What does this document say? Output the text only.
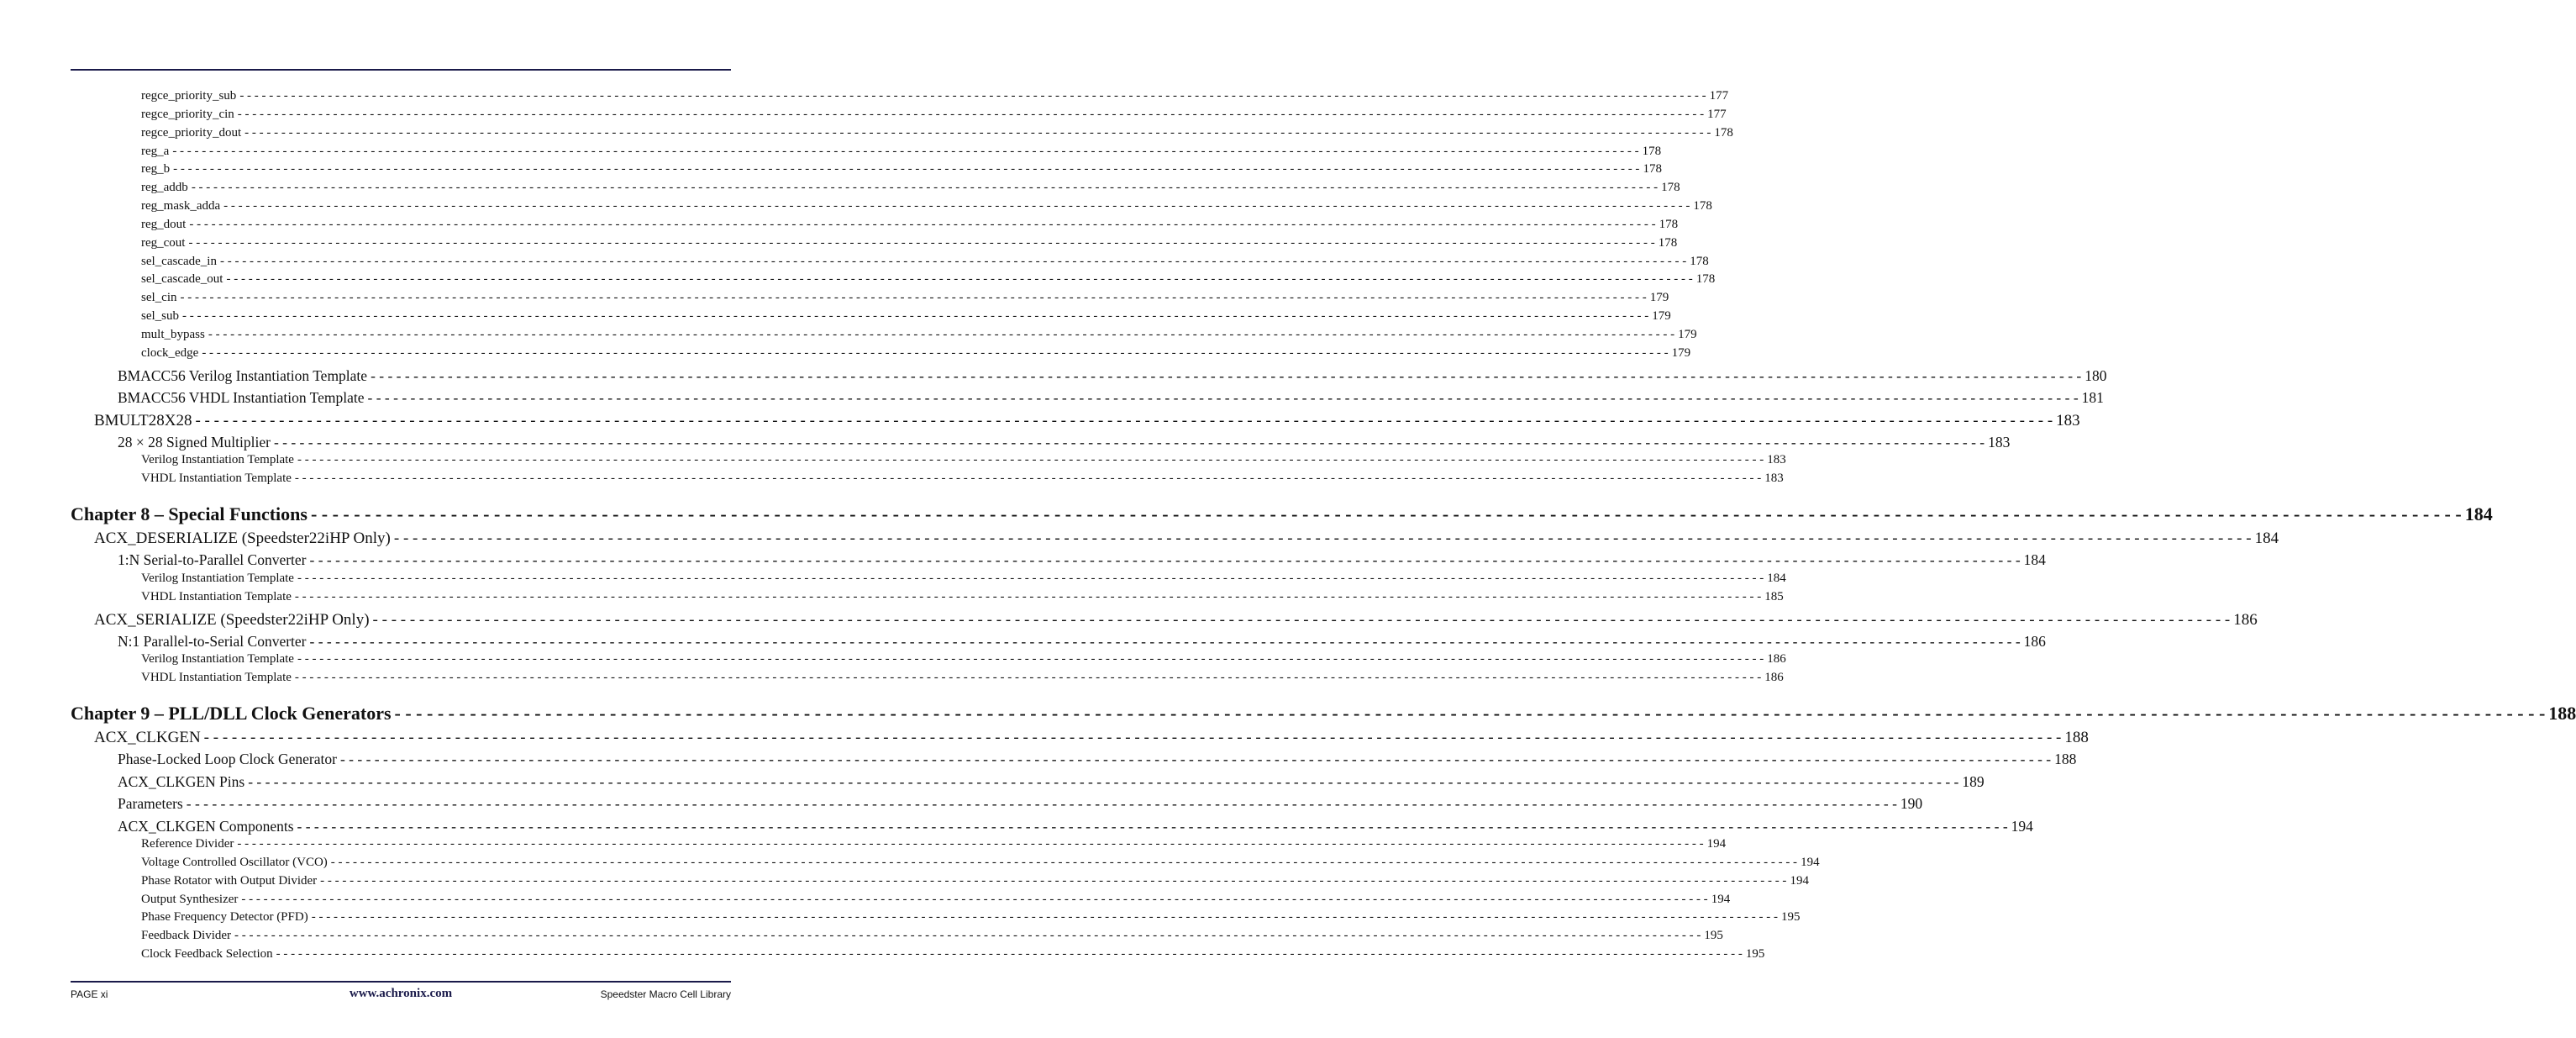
regce_priority_sub - - - - - - - - - - - - - - - - - - - - - - - - - - - - - - - - - - - - - - - - - - - - - - - - - - - - - - - - - - - - - - - - - - - - - - - - - - - - - - - - - - - - - - - - - - - - - - - - - - - - - - - - - - - - - - - - - - - - - - - - - - - - - - - - - - - - - - - - - - - - - - - - - - - - - - - - - - - - - - - - - - - - - - - - - - - - - - - - - - - - - - - - - - - - - - - - - - - - - - - - 177
regce_priority_cin - - - - - - - - - - - - - - - - - - - - - - - - - - - - - - - - - - - - - - - - - - - - - - - - - - - - - - - - - - - - - - - - - - - - - - - - - - - - - - - - - - - - - - - - - - - - - - - - - - - - - - - - - - - - - - - - - - - - - - - - - - - - - - - - - - - - - - - - - - - - - - - - - - - - - - - - - - - - - - - - - - - - - - - - - - - - - - - - - - - - - - - - - - - - - - - - - - - - - - - - 177
regce_priority_dout - - - - - - - - - - - - - - - - - - - - - - - - - - - - - - - - - - - - - - - - - - - - - - - - - - - - - - - - - - - - - - - - - - - - - - - - - - - - - - - - - - - - - - - - - - - - - - - - - - - - - - - - - - - - - - - - - - - - - - - - - - - - - - - - - - - - - - - - - - - - - - - - - - - - - - - - - - - - - - - - - - - - - - - - - - - - - - - - - - - - - - - - - - - - - - - - - - - - - - - - 178
reg_a - - - - - - - - - - - - - - - - - - - - - - - - - - - - - - - - - - - - - - - - - - - - - - - - - - - - - - - - - - - - - - - - - - - - - - - - - - - - - - - - - - - - - - - - - - - - - - - - - - - - - - - - - - - - - - - - - - - - - - - - - - - - - - - - - - - - - - - - - - - - - - - - - - - - - - - - - - - - - - - - - - - - - - - - - - - - - - - - - - - - - - - - - - - - - - - - - - - - - - - - 178
reg_b - - - - - - - - - - - - - - - - - - - - - - - - - - - - - - - - - - - - - - - - - - - - - - - - - - - - - - - - - - - - - - - - - - - - - - - - - - - - - - - - - - - - - - - - - - - - - - - - - - - - - - - - - - - - - - - - - - - - - - - - - - - - - - - - - - - - - - - - - - - - - - - - - - - - - - - - - - - - - - - - - - - - - - - - - - - - - - - - - - - - - - - - - - - - - - - - - - - - - - - - 178
reg_addb - - - - - - - - - - - - - - - - - - - - - - - - - - - - - - - - - - - - - - - - - - - - - - - - - - - - - - - - - - - - - - - - - - - - - - - - - - - - - - - - - - - - - - - - - - - - - - - - - - - - - - - - - - - - - - - - - - - - - - - - - - - - - - - - - - - - - - - - - - - - - - - - - - - - - - - - - - - - - - - - - - - - - - - - - - - - - - - - - - - - - - - - - - - - - - - - - - - - - - - - 178
reg_mask_adda - - - - - - - - - - - - - - - - - - - - - - - - - - - - - - - - - - - - - - - - - - - - - - - - - - - - - - - - - - - - - - - - - - - - - - - - - - - - - - - - - - - - - - - - - - - - - - - - - - - - - - - - - - - - - - - - - - - - - - - - - - - - - - - - - - - - - - - - - - - - - - - - - - - - - - - - - - - - - - - - - - - - - - - - - - - - - - - - - - - - - - - - - - - - - - - - - - - - - - - - 178
reg_dout - - - - - - - - - - - - - - - - - - - - - - - - - - - - - - - - - - - - - - - - - - - - - - - - - - - - - - - - - - - - - - - - - - - - - - - - - - - - - - - - - - - - - - - - - - - - - - - - - - - - - - - - - - - - - - - - - - - - - - - - - - - - - - - - - - - - - - - - - - - - - - - - - - - - - - - - - - - - - - - - - - - - - - - - - - - - - - - - - - - - - - - - - - - - - - - - - - - - - - - - 178
reg_cout - - - - - - - - - - - - - - - - - - - - - - - - - - - - - - - - - - - - - - - - - - - - - - - - - - - - - - - - - - - - - - - - - - - - - - - - - - - - - - - - - - - - - - - - - - - - - - - - - - - - - - - - - - - - - - - - - - - - - - - - - - - - - - - - - - - - - - - - - - - - - - - - - - - - - - - - - - - - - - - - - - - - - - - - - - - - - - - - - - - - - - - - - - - - - - - - - - - - - - - - 178
sel_cascade_in - - - - - - - - - - - - - - - - - - - - - - - - - - - - - - - - - - - - - - - - - - - - - - - - - - - - - - - - - - - - - - - - - - - - - - - - - - - - - - - - - - - - - - - - - - - - - - - - - - - - - - - - - - - - - - - - - - - - - - - - - - - - - - - - - - - - - - - - - - - - - - - - - - - - - - - - - - - - - - - - - - - - - - - - - - - - - - - - - - - - - - - - - - - - - - - - - - - - - - - - 178
sel_cascade_out - - - - - - - - - - - - - - - - - - - - - - - - - - - - - - - - - - - - - - - - - - - - - - - - - - - - - - - - - - - - - - - - - - - - - - - - - - - - - - - - - - - - - - - - - - - - - - - - - - - - - - - - - - - - - - - - - - - - - - - - - - - - - - - - - - - - - - - - - - - - - - - - - - - - - - - - - - - - - - - - - - - - - - - - - - - - - - - - - - - - - - - - - - - - - - - - - - - - - - - - 178
sel_cin - - - - - - - - - - - - - - - - - - - - - - - - - - - - - - - - - - - - - - - - - - - - - - - - - - - - - - - - - - - - - - - - - - - - - - - - - - - - - - - - - - - - - - - - - - - - - - - - - - - - - - - - - - - - - - - - - - - - - - - - - - - - - - - - - - - - - - - - - - - - - - - - - - - - - - - - - - - - - - - - - - - - - - - - - - - - - - - - - - - - - - - - - - - - - - - - - - - - - - - - 179
sel_sub - - - - - - - - - - - - - - - - - - - - - - - - - - - - - - - - - - - - - - - - - - - - - - - - - - - - - - - - - - - - - - - - - - - - - - - - - - - - - - - - - - - - - - - - - - - - - - - - - - - - - - - - - - - - - - - - - - - - - - - - - - - - - - - - - - - - - - - - - - - - - - - - - - - - - - - - - - - - - - - - - - - - - - - - - - - - - - - - - - - - - - - - - - - - - - - - - - - - - - - - 179
mult_bypass - - - - - - - - - - - - - - - - - - - - - - - - - - - - - - - - - - - - - - - - - - - - - - - - - - - - - - - - - - - - - - - - - - - - - - - - - - - - - - - - - - - - - - - - - - - - - - - - - - - - - - - - - - - - - - - - - - - - - - - - - - - - - - - - - - - - - - - - - - - - - - - - - - - - - - - - - - - - - - - - - - - - - - - - - - - - - - - - - - - - - - - - - - - - - - - - - - - - - - - - 179
clock_edge - - - - - - - - - - - - - - - - - - - - - - - - - - - - - - - - - - - - - - - - - - - - - - - - - - - - - - - - - - - - - - - - - - - - - - - - - - - - - - - - - - - - - - - - - - - - - - - - - - - - - - - - - - - - - - - - - - - - - - - - - - - - - - - - - - - - - - - - - - - - - - - - - - - - - - - - - - - - - - - - - - - - - - - - - - - - - - - - - - - - - - - - - - - - - - - - - - - - - - - - 179
BMACC56 Verilog Instantiation Template - - - - - - - - - - - - - - - - - - - - - - - - - - - - - - - - - - - - - - - - - - - - - - - - - - - - - - - - - - - - - - - - - - - - - - - - - - - - - - - - - - - - - - - - - - - - - - - - - - - - - - - - - - - - - - - - - - - - - - - - - - - - - - - - - - - - - - - - - - - - - - - - - - - - - - - - - - - - - - - - - - - - - - - - - - - - - - - - - - - - - - - - - - - - - - - - - - - - - - - - 180
BMACC56 VHDL Instantiation Template - - - - - - - - - - - - - - - - - - - - - - - - - - - - - - - - - - - - - - - - - - - - - - - - - - - - - - - - - - - - - - - - - - - - - - - - - - - - - - - - - - - - - - - - - - - - - - - - - - - - - - - - - - - - - - - - - - - - - - - - - - - - - - - - - - - - - - - - - - - - - - - - - - - - - - - - - - - - - - - - - - - - - - - - - - - - - - - - - - - - - - - - - - - - - - - - - - - - - - - - 181
BMULT28X28 - - - - - - - - - - - - - - - - - - - - - - - - - - - - - - - - - - - - - - - - - - - - - - - - - - - - - - - - - - - - - - - - - - - - - - - - - - - - - - - - - - - - - - - - - - - - - - - - - - - - - - - - - - - - - - - - - - - - - - - - - - - - - - - - - - - - - - - - - - - - - - - - - - - - - - - - - - - - - - - - - - - - - - - - - - - - - - - - - - - - - - - - - - - - - - - - - - - - - - - - 183
28 × 28 Signed Multiplier - - - - - - - - - - - - - - - - - - - - - - - - - - - - - - - - - - - - - - - - - - - - - - - - - - - - - - - - - - - - - - - - - - - - - - - - - - - - - - - - - - - - - - - - - - - - - - - - - - - - - - - - - - - - - - - - - - - - - - - - - - - - - - - - - - - - - - - - - - - - - - - - - - - - - - - - - - - - - - - - - - - - - - - - - - - - - - - - - - - - - - - - - - - - - - - - - - - - - - - - 183
Verilog Instantiation Template - - - - - - - - - - - - - - - - - - - - - - - - - - - - - - - - - - - - - - - - - - - - - - - - - - - - - - - - - - - - - - - - - - - - - - - - - - - - - - - - - - - - - - - - - - - - - - - - - - - - - - - - - - - - - - - - - - - - - - - - - - - - - - - - - - - - - - - - - - - - - - - - - - - - - - - - - - - - - - - - - - - - - - - - - - - - - - - - - - - - - - - - - - - - - - - - - - - - - - - - 183
VHDL Instantiation Template - - - - - - - - - - - - - - - - - - - - - - - - - - - - - - - - - - - - - - - - - - - - - - - - - - - - - - - - - - - - - - - - - - - - - - - - - - - - - - - - - - - - - - - - - - - - - - - - - - - - - - - - - - - - - - - - - - - - - - - - - - - - - - - - - - - - - - - - - - - - - - - - - - - - - - - - - - - - - - - - - - - - - - - - - - - - - - - - - - - - - - - - - - - - - - - - - - - - - - - - 183
Chapter 8 – Special Functions - - - - - - - - - - - - - - - - - - - - - - - - - - - - - - - - - - - - - - - - - - - - - - - - - - - - - - - - - - - - - - - - - - - - - - - - - - - - - - - - - - - - - - - - - - - - - - - - - - - - - - - - - - - - - - - - - - - - - - - - - - - - - - - - - - - - - - - - - - - - - - - - - - - - - - - - - - - - - - - - - - - - - - - - - - - - - - - - - - - - - - - - - - - - - - - - - - - - - - - - 184
ACX_DESERIALIZE (Speedster22iHP Only) - - - - - - - - - - - - - - - - - - - - - - - - - - - - - - - - - - - - - - - - - - - - - - - - - - - - - - - - - - - - - - - - - - - - - - - - - - - - - - - - - - - - - - - - - - - - - - - - - - - - - - - - - - - - - - - - - - - - - - - - - - - - - - - - - - - - - - - - - - - - - - - - - - - - - - - - - - - - - - - - - - - - - - - - - - - - - - - - - - - - - - - - - - - - - - - - - - - - - - - - 184
1:N Serial-to-Parallel Converter - - - - - - - - - - - - - - - - - - - - - - - - - - - - - - - - - - - - - - - - - - - - - - - - - - - - - - - - - - - - - - - - - - - - - - - - - - - - - - - - - - - - - - - - - - - - - - - - - - - - - - - - - - - - - - - - - - - - - - - - - - - - - - - - - - - - - - - - - - - - - - - - - - - - - - - - - - - - - - - - - - - - - - - - - - - - - - - - - - - - - - - - - - - - - - - - - - - - - - - - 184
Verilog Instantiation Template - - - - - - - - - - - - - - - - - - - - - - - - - - - - - - - - - - - - - - - - - - - - - - - - - - - - - - - - - - - - - - - - - - - - - - - - - - - - - - - - - - - - - - - - - - - - - - - - - - - - - - - - - - - - - - - - - - - - - - - - - - - - - - - - - - - - - - - - - - - - - - - - - - - - - - - - - - - - - - - - - - - - - - - - - - - - - - - - - - - - - - - - - - - - - - - - - - - - - - - - 184
VHDL Instantiation Template - - - - - - - - - - - - - - - - - - - - - - - - - - - - - - - - - - - - - - - - - - - - - - - - - - - - - - - - - - - - - - - - - - - - - - - - - - - - - - - - - - - - - - - - - - - - - - - - - - - - - - - - - - - - - - - - - - - - - - - - - - - - - - - - - - - - - - - - - - - - - - - - - - - - - - - - - - - - - - - - - - - - - - - - - - - - - - - - - - - - - - - - - - - - - - - - - - - - - - - - 185
ACX_SERIALIZE (Speedster22iHP Only) - - - - - - - - - - - - - - - - - - - - - - - - - - - - - - - - - - - - - - - - - - - - - - - - - - - - - - - - - - - - - - - - - - - - - - - - - - - - - - - - - - - - - - - - - - - - - - - - - - - - - - - - - - - - - - - - - - - - - - - - - - - - - - - - - - - - - - - - - - - - - - - - - - - - - - - - - - - - - - - - - - - - - - - - - - - - - - - - - - - - - - - - - - - - - - - - - - - - - - - - 186
N:1 Parallel-to-Serial Converter - - - - - - - - - - - - - - - - - - - - - - - - - - - - - - - - - - - - - - - - - - - - - - - - - - - - - - - - - - - - - - - - - - - - - - - - - - - - - - - - - - - - - - - - - - - - - - - - - - - - - - - - - - - - - - - - - - - - - - - - - - - - - - - - - - - - - - - - - - - - - - - - - - - - - - - - - - - - - - - - - - - - - - - - - - - - - - - - - - - - - - - - - - - - - - - - - - - - - - - - 186
Verilog Instantiation Template - - - - - - - - - - - - - - - - - - - - - - - - - - - - - - - - - - - - - - - - - - - - - - - - - - - - - - - - - - - - - - - - - - - - - - - - - - - - - - - - - - - - - - - - - - - - - - - - - - - - - - - - - - - - - - - - - - - - - - - - - - - - - - - - - - - - - - - - - - - - - - - - - - - - - - - - - - - - - - - - - - - - - - - - - - - - - - - - - - - - - - - - - - - - - - - - - - - - - - - - 186
VHDL Instantiation Template - - - - - - - - - - - - - - - - - - - - - - - - - - - - - - - - - - - - - - - - - - - - - - - - - - - - - - - - - - - - - - - - - - - - - - - - - - - - - - - - - - - - - - - - - - - - - - - - - - - - - - - - - - - - - - - - - - - - - - - - - - - - - - - - - - - - - - - - - - - - - - - - - - - - - - - - - - - - - - - - - - - - - - - - - - - - - - - - - - - - - - - - - - - - - - - - - - - - - - - - 186
Chapter 9 – PLL/DLL Clock Generators - - - - - - - - - - - - - - - - - - - - - - - - - - - - - - - - - - - - - - - - - - - - - - - - - - - - - - - - - - - - - - - - - - - - - - - - - - - - - - - - - - - - - - - - - - - - - - - - - - - - - - - - - - - - - - - - - - - - - - - - - - - - - - - - - - - - - - - - - - - - - - - - - - - - - - - - - - - - - - - - - - - - - - - - - - - - - - - - - - - - - - - - - - - - - - - - - - - - - - - - 188
ACX_CLKGEN - - - - - - - - - - - - - - - - - - - - - - - - - - - - - - - - - - - - - - - - - - - - - - - - - - - - - - - - - - - - - - - - - - - - - - - - - - - - - - - - - - - - - - - - - - - - - - - - - - - - - - - - - - - - - - - - - - - - - - - - - - - - - - - - - - - - - - - - - - - - - - - - - - - - - - - - - - - - - - - - - - - - - - - - - - - - - - - - - - - - - - - - - - - - - - - - - - - - - - - - 188
Phase-Locked Loop Clock Generator - - - - - - - - - - - - - - - - - - - - - - - - - - - - - - - - - - - - - - - - - - - - - - - - - - - - - - - - - - - - - - - - - - - - - - - - - - - - - - - - - - - - - - - - - - - - - - - - - - - - - - - - - - - - - - - - - - - - - - - - - - - - - - - - - - - - - - - - - - - - - - - - - - - - - - - - - - - - - - - - - - - - - - - - - - - - - - - - - - - - - - - - - - - - - - - - - - - - - - - - 188
ACX_CLKGEN Pins - - - - - - - - - - - - - - - - - - - - - - - - - - - - - - - - - - - - - - - - - - - - - - - - - - - - - - - - - - - - - - - - - - - - - - - - - - - - - - - - - - - - - - - - - - - - - - - - - - - - - - - - - - - - - - - - - - - - - - - - - - - - - - - - - - - - - - - - - - - - - - - - - - - - - - - - - - - - - - - - - - - - - - - - - - - - - - - - - - - - - - - - - - - - - - - - - - - - - - - - 189
Parameters - - - - - - - - - - - - - - - - - - - - - - - - - - - - - - - - - - - - - - - - - - - - - - - - - - - - - - - - - - - - - - - - - - - - - - - - - - - - - - - - - - - - - - - - - - - - - - - - - - - - - - - - - - - - - - - - - - - - - - - - - - - - - - - - - - - - - - - - - - - - - - - - - - - - - - - - - - - - - - - - - - - - - - - - - - - - - - - - - - - - - - - - - - - - - - - - - - - - - - - - 190
ACX_CLKGEN Components - - - - - - - - - - - - - - - - - - - - - - - - - - - - - - - - - - - - - - - - - - - - - - - - - - - - - - - - - - - - - - - - - - - - - - - - - - - - - - - - - - - - - - - - - - - - - - - - - - - - - - - - - - - - - - - - - - - - - - - - - - - - - - - - - - - - - - - - - - - - - - - - - - - - - - - - - - - - - - - - - - - - - - - - - - - - - - - - - - - - - - - - - - - - - - - - - - - - - - - - 194
Reference Divider - - - - - - - - - - - - - - - - - - - - - - - - - - - - - - - - - - - - - - - - - - - - - - - - - - - - - - - - - - - - - - - - - - - - - - - - - - - - - - - - - - - - - - - - - - - - - - - - - - - - - - - - - - - - - - - - - - - - - - - - - - - - - - - - - - - - - - - - - - - - - - - - - - - - - - - - - - - - - - - - - - - - - - - - - - - - - - - - - - - - - - - - - - - - - - - - - - - - - - - - 194
Voltage Controlled Oscillator (VCO) - - - - - - - - - - - - - - - - - - - - - - - - - - - - - - - - - - - - - - - - - - - - - - - - - - - - - - - - - - - - - - - - - - - - - - - - - - - - - - - - - - - - - - - - - - - - - - - - - - - - - - - - - - - - - - - - - - - - - - - - - - - - - - - - - - - - - - - - - - - - - - - - - - - - - - - - - - - - - - - - - - - - - - - - - - - - - - - - - - - - - - - - - - - - - - - - - - - - - - - - 194
Phase Rotator with Output Divider - - - - - - - - - - - - - - - - - - - - - - - - - - - - - - - - - - - - - - - - - - - - - - - - - - - - - - - - - - - - - - - - - - - - - - - - - - - - - - - - - - - - - - - - - - - - - - - - - - - - - - - - - - - - - - - - - - - - - - - - - - - - - - - - - - - - - - - - - - - - - - - - - - - - - - - - - - - - - - - - - - - - - - - - - - - - - - - - - - - - - - - - - - - - - - - - - - - - - - - - 194
Output Synthesizer - - - - - - - - - - - - - - - - - - - - - - - - - - - - - - - - - - - - - - - - - - - - - - - - - - - - - - - - - - - - - - - - - - - - - - - - - - - - - - - - - - - - - - - - - - - - - - - - - - - - - - - - - - - - - - - - - - - - - - - - - - - - - - - - - - - - - - - - - - - - - - - - - - - - - - - - - - - - - - - - - - - - - - - - - - - - - - - - - - - - - - - - - - - - - - - - - - - - - - - - 194
Phase Frequency Detector (PFD) - - - - - - - - - - - - - - - - - - - - - - - - - - - - - - - - - - - - - - - - - - - - - - - - - - - - - - - - - - - - - - - - - - - - - - - - - - - - - - - - - - - - - - - - - - - - - - - - - - - - - - - - - - - - - - - - - - - - - - - - - - - - - - - - - - - - - - - - - - - - - - - - - - - - - - - - - - - - - - - - - - - - - - - - - - - - - - - - - - - - - - - - - - - - - - - - - - - - - - - - 195
Feedback Divider - - - - - - - - - - - - - - - - - - - - - - - - - - - - - - - - - - - - - - - - - - - - - - - - - - - - - - - - - - - - - - - - - - - - - - - - - - - - - - - - - - - - - - - - - - - - - - - - - - - - - - - - - - - - - - - - - - - - - - - - - - - - - - - - - - - - - - - - - - - - - - - - - - - - - - - - - - - - - - - - - - - - - - - - - - - - - - - - - - - - - - - - - - - - - - - - - - - - - - - - 195
Clock Feedback Selection - - - - - - - - - - - - - - - - - - - - - - - - - - - - - - - - - - - - - - - - - - - - - - - - - - - - - - - - - - - - - - - - - - - - - - - - - - - - - - - - - - - - - - - - - - - - - - - - - - - - - - - - - - - - - - - - - - - - - - - - - - - - - - - - - - - - - - - - - - - - - - - - - - - - - - - - - - - - - - - - - - - - - - - - - - - - - - - - - - - - - - - - - - - - - - - - - - - - - - - - 195
PAGE xi	www.achronix.com	Speedster Macro Cell Library
